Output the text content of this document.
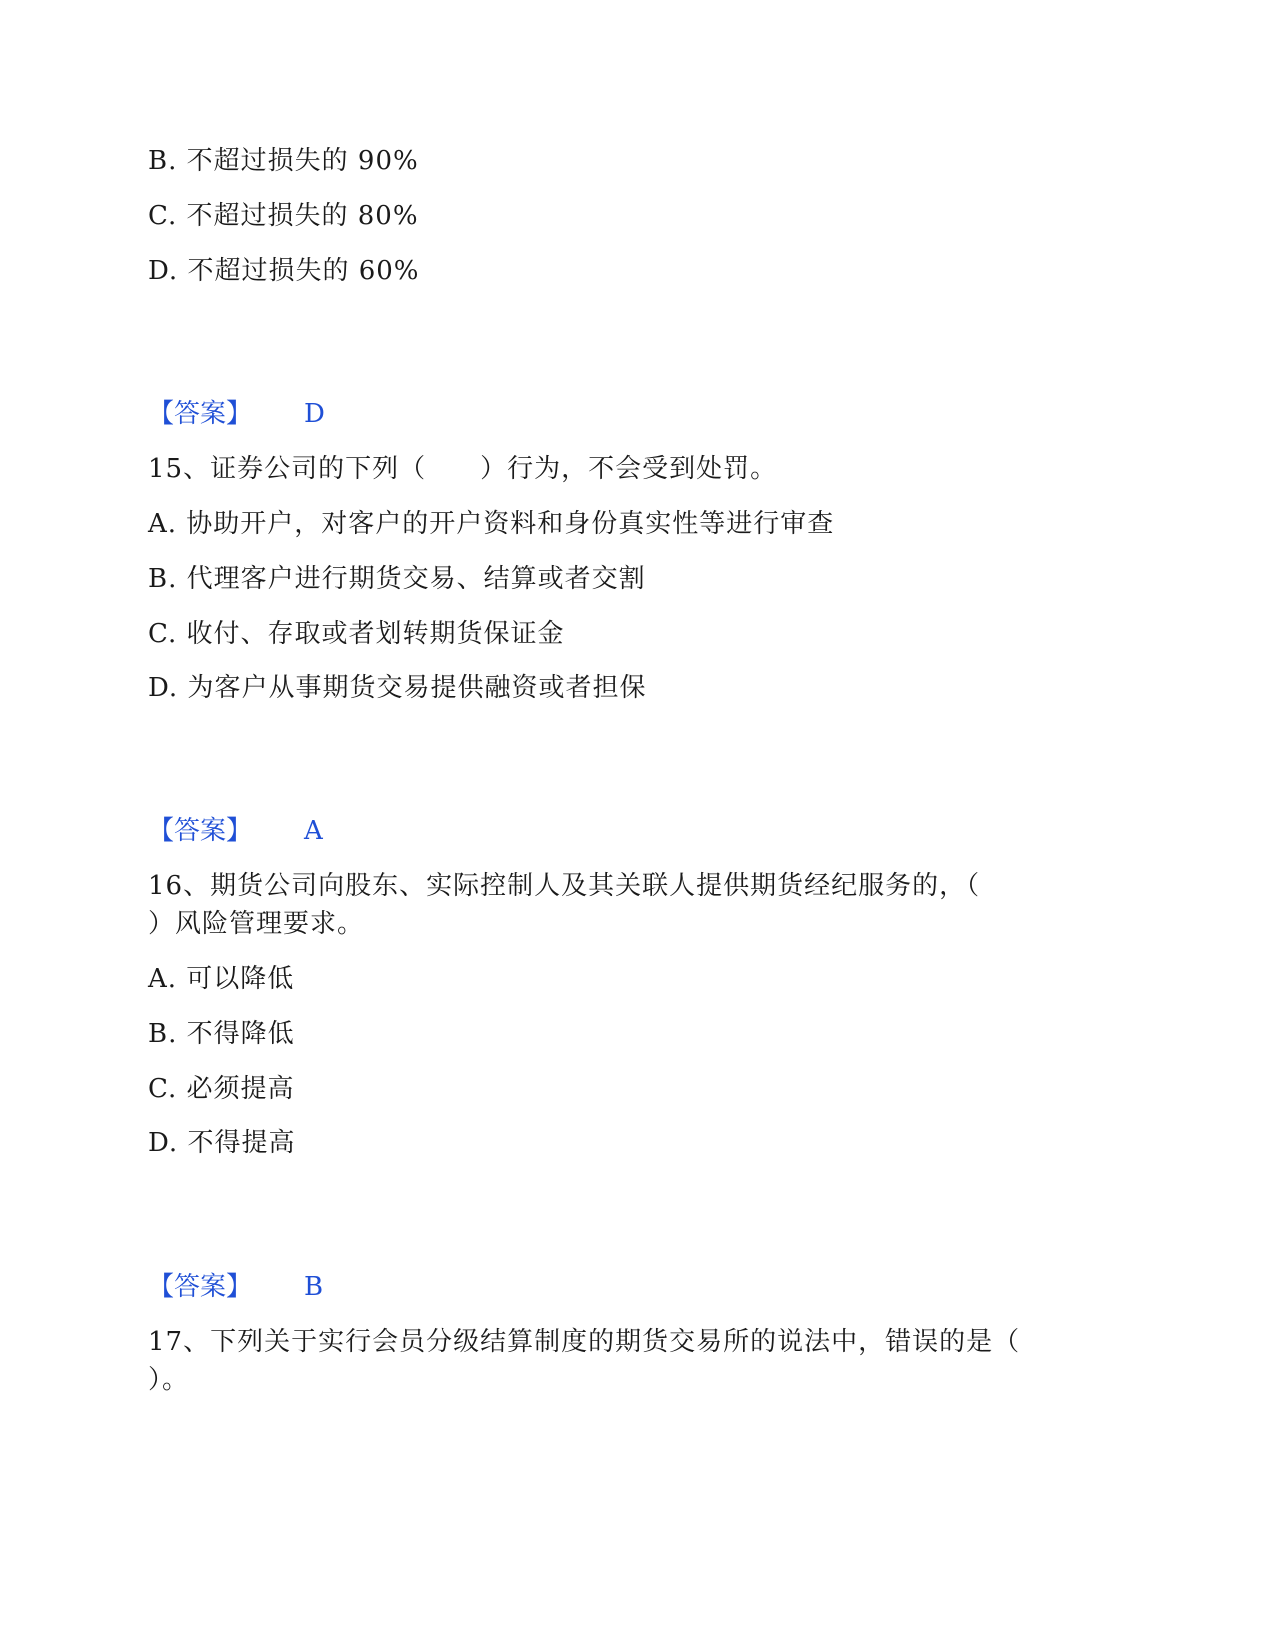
B. 不超过损失的 90%
C. 不超过损失的 80%
D. 不超过损失的 60%
【答案】 D
15、证券公司的下列（　　）行为，不会受到处罚。
A. 协助开户，对客户的开户资料和身份真实性等进行审查
B. 代理客户进行期货交易、结算或者交割
C. 收付、存取或者划转期货保证金
D. 为客户从事期货交易提供融资或者担保
【答案】 A
16、期货公司向股东、实际控制人及其关联人提供期货经纪服务的，（
）风险管理要求。
A. 可以降低
B. 不得降低
C. 必须提高
D. 不得提高
【答案】 B
17、下列关于实行会员分级结算制度的期货交易所的说法中，错误的是（
）。
